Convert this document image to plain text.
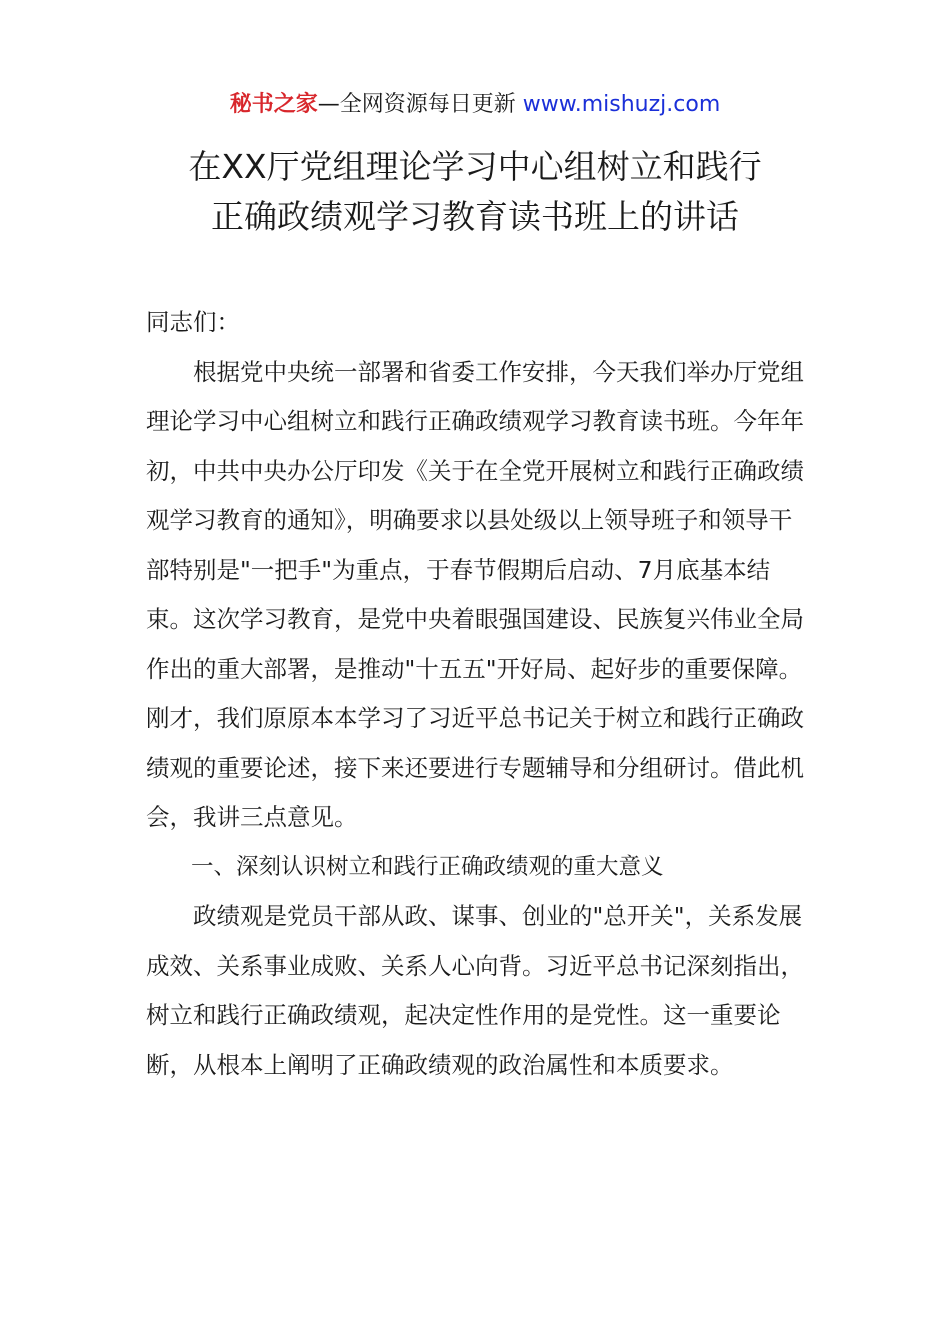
秘书之家—全网资源每日更新 www.mishuzj.com
在XX厅党组理论学习中心组树立和践行
正确政绩观学习教育读书班上的讲话

同志们：

根据党中央统一部署和省委工作安排，今天我们举办厅党组理论学习中心组树立和践行正确政绩观学习教育读书班。今年年初，中共中央办公厅印发《关于在全党开展树立和践行正确政绩观学习教育的通知》，明确要求以县处级以上领导班子和领导干部特别是"一把手"为重点，于春节假期后启动、7月底基本结束。这次学习教育，是党中央着眼强国建设、民族复兴伟业全局作出的重大部署，是推动"十五五"开好局、起好步的重要保障。刚才，我们原原本本学习了习近平总书记关于树立和践行正确政绩观的重要论述，接下来还要进行专题辅导和分组研讨。借此机会，我讲三点意见。

一、深刻认识树立和践行正确政绩观的重大意义

政绩观是党员干部从政、谋事、创业的"总开关"，关系发展成效、关系事业成败、关系人心向背。习近平总书记深刻指出，树立和践行正确政绩观，起决定性作用的是党性。这一重要论断，从根本上阐明了正确政绩观的政治属性和本质要求。
